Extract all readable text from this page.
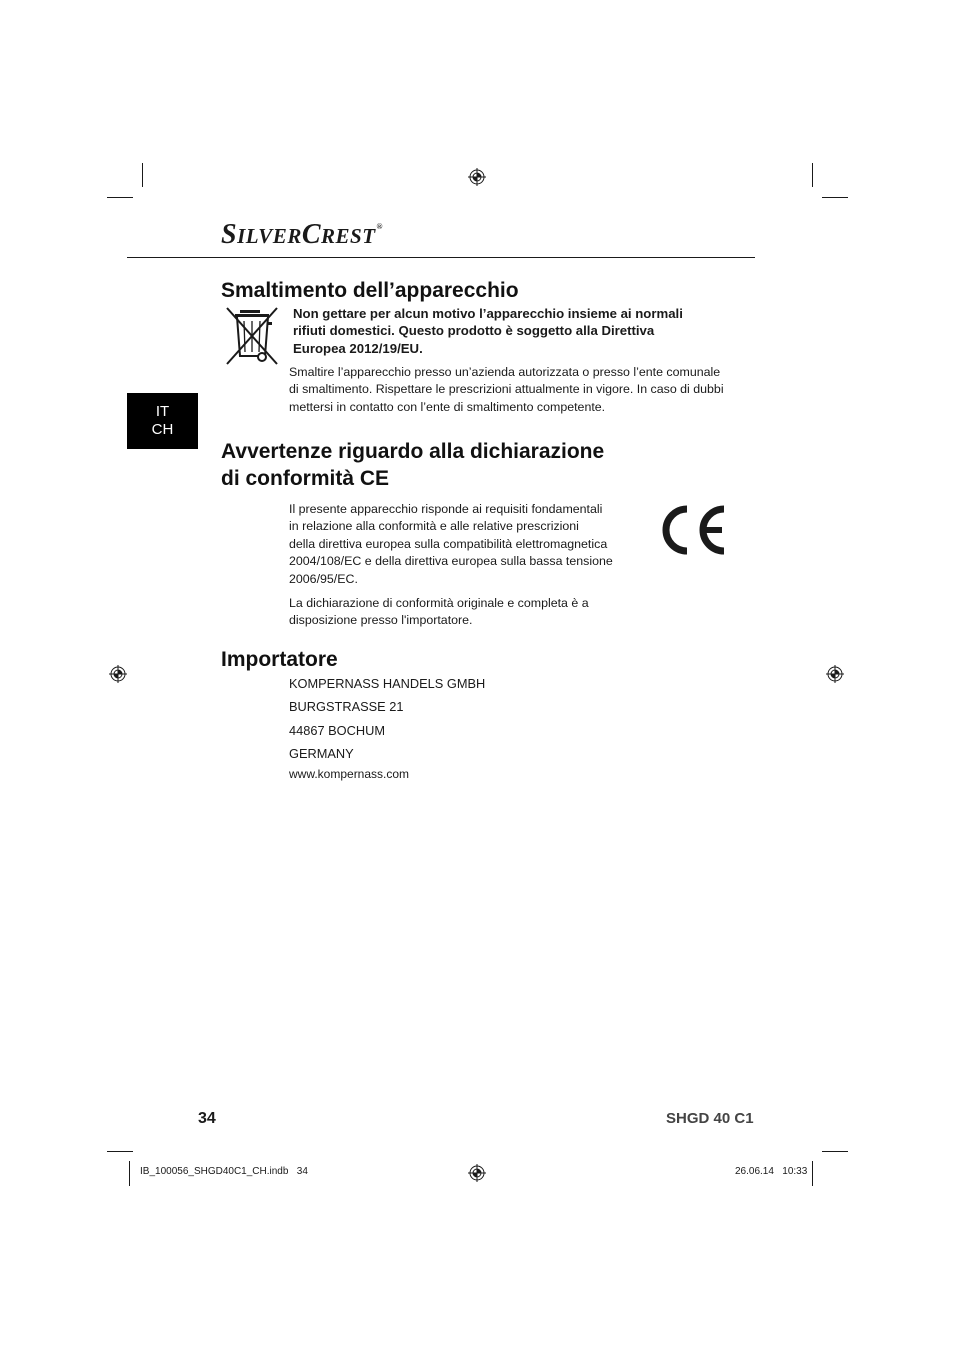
SILVERCREST®
IT
CH
Smaltimento dell’apparecchio
Non gettare per alcun motivo l’apparecchio insieme ai normali
rifiuti domestici. Questo prodotto è soggetto alla Direttiva
Europea 2012/19/EU.
Smaltire l’apparecchio presso un’azienda autorizzata o presso l’ente comunale
di smaltimento. Rispettare le prescrizioni attualmente in vigore. In caso di dubbi
mettersi in contatto con l’ente di smaltimento competente.
Avvertenze riguardo alla dichiarazione
di conformità CE
Il presente apparecchio risponde ai requisiti fondamentali
in relazione alla conformità e alle relative prescrizioni
della direttiva europea sulla compatibilità elettromagnetica
2004/108/EC e della direttiva europea sulla bassa tensione
2006/95/EC.
La dichiarazione di conformità originale e completa è a
disposizione presso l'importatore.
Importatore
KOMPERNASS HANDELS GMBH
BURGSTRASSE 21
44867 BOCHUM
GERMANY
www.kompernass.com
34	SHGD 40 C1
IB_100056_SHGD40C1_CH.indb   34	26.06.14   10:33
